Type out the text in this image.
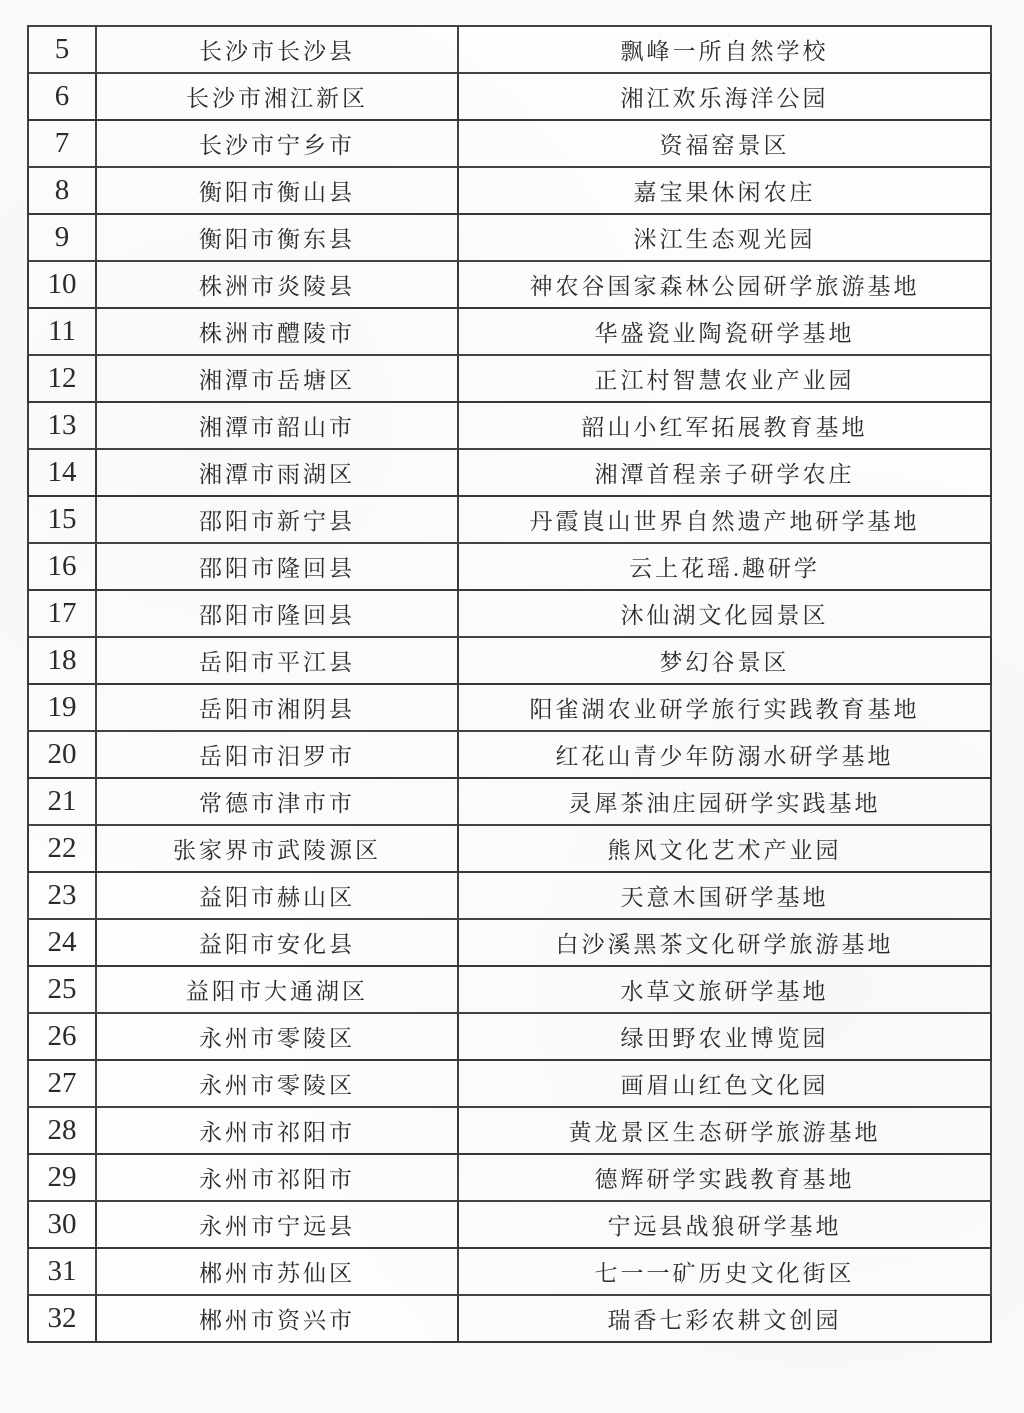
5	长沙市长沙县	飘峰一所自然学校
6	长沙市湘江新区	湘江欢乐海洋公园
7	长沙市宁乡市	资福窑景区
8	衡阳市衡山县	嘉宝果休闲农庄
9	衡阳市衡东县	洣江生态观光园
10	株洲市炎陵县	神农谷国家森林公园研学旅游基地
11	株洲市醴陵市	华盛瓷业陶瓷研学基地
12	湘潭市岳塘区	正江村智慧农业产业园
13	湘潭市韶山市	韶山小红军拓展教育基地
14	湘潭市雨湖区	湘潭首程亲子研学农庄
15	邵阳市新宁县	丹霞崀山世界自然遗产地研学基地
16	邵阳市隆回县	云上花瑶.趣研学
17	邵阳市隆回县	沐仙湖文化园景区
18	岳阳市平江县	梦幻谷景区
19	岳阳市湘阴县	阳雀湖农业研学旅行实践教育基地
20	岳阳市汨罗市	红花山青少年防溺水研学基地
21	常德市津市市	灵犀茶油庄园研学实践基地
22	张家界市武陵源区	熊风文化艺术产业园
23	益阳市赫山区	天意木国研学基地
24	益阳市安化县	白沙溪黑茶文化研学旅游基地
25	益阳市大通湖区	水草文旅研学基地
26	永州市零陵区	绿田野农业博览园
27	永州市零陵区	画眉山红色文化园
28	永州市祁阳市	黄龙景区生态研学旅游基地
29	永州市祁阳市	德辉研学实践教育基地
30	永州市宁远县	宁远县战狼研学基地
31	郴州市苏仙区	七一一矿历史文化街区
32	郴州市资兴市	瑞香七彩农耕文创园
